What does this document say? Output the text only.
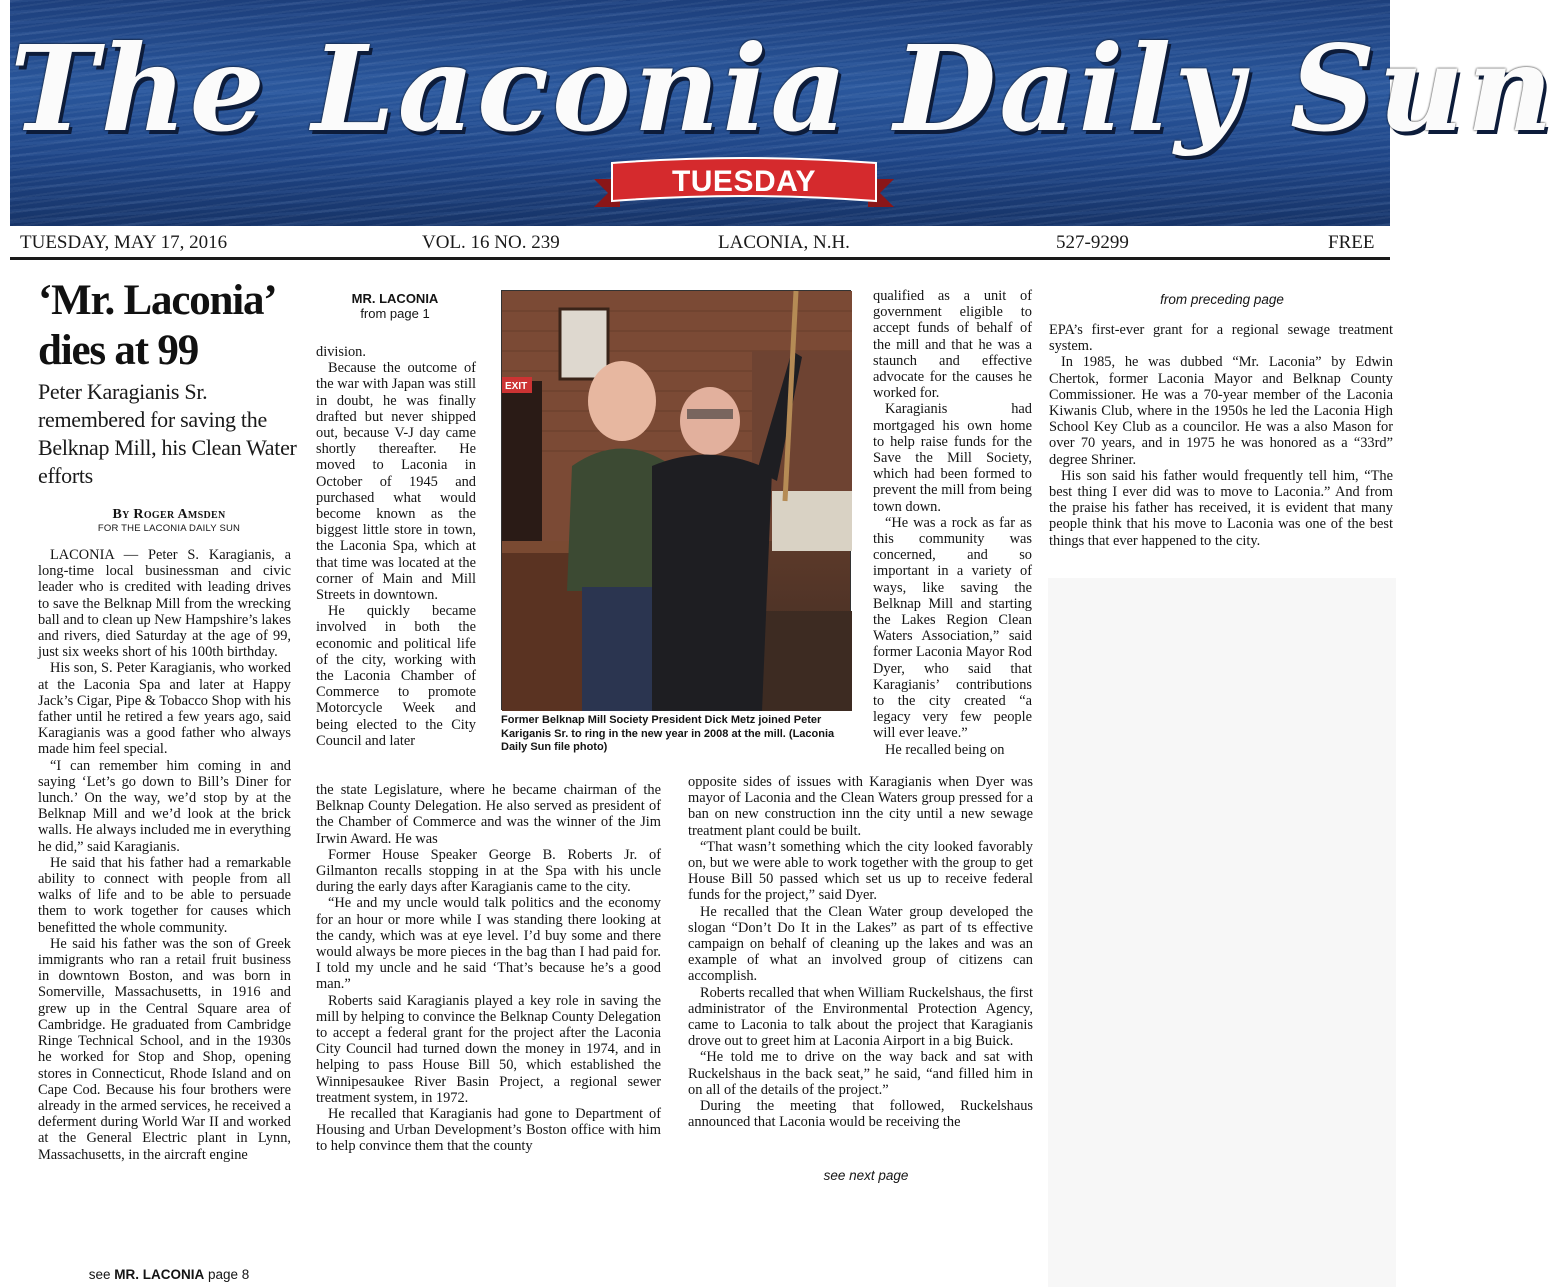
The Laconia Daily Sun
TUESDAY
TUESDAY, MAY 17, 2016	VOL. 16 NO. 239	LACONIA, N.H.	527-9299	FREE
‘Mr. Laconia’
dies at 99
Peter Karagianis Sr. remembered for saving the Belknap Mill, his Clean Water efforts
By Roger Amsden
FOR THE LACONIA DAILY SUN

LACONIA — Peter S. Karagianis, a long-time local businessman and civic leader who is credited with leading drives to save the Belknap Mill from the wrecking ball and to clean up New Hampshire’s lakes and rivers, died Saturday at the age of 99, just six weeks short of his 100th birthday.

His son, S. Peter Karagianis, who worked at the Laconia Spa and later at Happy Jack’s Cigar, Pipe & Tobacco Shop with his father until he retired a few years ago, said Karagianis was a good father who always made him feel special.

“I can remember him coming in and saying ‘Let’s go down to Bill’s Diner for lunch.’ On the way, we’d stop by at the Belknap Mill and we’d look at the brick walls. He always included me in everything he did,” said Karagianis.

He said that his father had a remarkable ability to connect with people from all walks of life and to be able to persuade them to work together for causes which benefitted the whole community.

He said his father was the son of Greek immigrants who ran a retail fruit business in downtown Boston, and was born in Somerville, Massachusetts, in 1916 and grew up in the Central Square area of Cambridge. He graduated from Cambridge Ringe Technical School, and in the 1930s he worked for Stop and Shop, opening stores in Connecticut, Rhode Island and on Cape Cod. Because his four brothers were already in the armed services, he received a deferment during World War II and worked at the General Electric plant in Lynn, Massachusetts, in the aircraft engine

see MR. LACONIA page 8
MR. LACONIA
from page 1

division.

Because the outcome of the war with Japan was still in doubt, he was finally drafted but never shipped out, because V-J day came shortly thereafter. He moved to Laconia in October of 1945 and purchased what would become known as the biggest little store in town, the Laconia Spa, which at that time was located at the corner of Main and Mill Streets in downtown.

He quickly became involved in both the economic and political life of the city, working with the Laconia Chamber of Commerce to promote Motorcycle Week and being elected to the City Council and later

the state Legislature, where he became chairman of the Belknap County Delegation. He also served as president of the Chamber of Commerce and was the winner of the Jim Irwin Award. He was

Former House Speaker George B. Roberts Jr. of Gilmanton recalls stopping in at the Spa with his uncle during the early days after Karagianis came to the city.

“He and my uncle would talk politics and the economy for an hour or more while I was standing there looking at the candy, which was at eye level. I’d buy some and there would always be more pieces in the bag than I had paid for. I told my uncle and he said ‘That’s because he’s a good man.”

Roberts said Karagianis played a key role in saving the mill by helping to convince the Belknap County Delegation to accept a federal grant for the project after the Laconia City Council had turned down the money in 1974, and in helping to pass House Bill 50, which established the Winnipesaukee River Basin Project, a regional sewer treatment system, in 1972.

He recalled that Karagianis had gone to Department of Housing and Urban Development’s Boston office with him to help convince them that the county

EXIT
Former Belknap Mill Society President Dick Metz joined Peter Kariganis Sr. to ring in the new year in 2008 at the mill. (Laconia Daily Sun file photo)

qualified as a unit of government eligible to accept funds of behalf of the mill and that he was a staunch and effective advocate for the causes he worked for.

Karagianis had mortgaged his own home to help raise funds for the Save the Mill Society, which had been formed to prevent the mill from being town down.

“He was a rock as far as this community was concerned, and so important in a variety of ways, like saving the Belknap Mill and starting the Lakes Region Clean Waters Association,” said former Laconia Mayor Rod Dyer, who said that Karagianis’ contributions to the city created “a legacy very few people will ever leave.”

He recalled being on

opposite sides of issues with Karagianis when Dyer was mayor of Laconia and the Clean Waters group pressed for a ban on new construction inn the city until a new sewage treatment plant could be built.

“That wasn’t something which the city looked favorably on, but we were able to work together with the group to get House Bill 50 passed which set us up to receive federal funds for the project,” said Dyer.

He recalled that the Clean Water group developed the slogan “Don’t Do It in the Lakes” as part of ts effective campaign on behalf of cleaning up the lakes and was an example of what an involved group of citizens can accomplish.

Roberts recalled that when William Ruckelshaus, the first administrator of the Environmental Protection Agency, came to Laconia to talk about the project that Karagianis drove out to greet him at Laconia Airport in a big Buick.

“He told me to drive on the way back and sat with Ruckelshaus in the back seat,” he said, “and filled him in on all of the details of the project.”

During the meeting that followed, Ruckelshaus announced that Laconia would be receiving the

see next page
from preceding page

EPA’s first-ever grant for a regional sewage treatment system.

In 1985, he was dubbed “Mr. Laconia” by Edwin Chertok, former Laconia Mayor and Belknap County Commissioner. He was a 70-year member of the Laconia Kiwanis Club, where in the 1950s he led the Laconia High School Key Club as a councilor. He was a also Mason for over 70 years, and in 1975 he was honored as a “33rd” degree Shriner.

His son said his father would frequently tell him, “The best thing I ever did was to move to Laconia.” And from the praise his father has received, it is evident that many people think that his move to Laconia was one of the best things that ever happened to the city.
